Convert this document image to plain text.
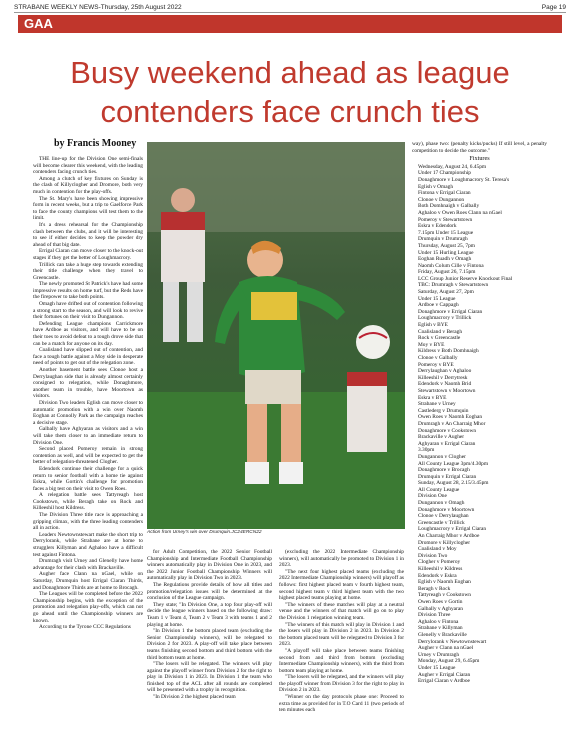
STRABANE WEEKLY NEWS-Thursday, 25th August 2022	Page 19
GAA
Busy weekend ahead as league contenders face crunch ties
by Francis Mooney

THE line-up for the Division One semi-finals will become clearer this weekend, with the leading contenders facing crunch ties.

Among a clutch of key fixtures on Sunday is the clash of Killyclogher and Dromore, both very much in contention for the play-offs.

The St. Mary's have been showing impressive form in recent weeks, but a trip to Gaelforce Park to face the county champions will test them to the limit.

It's a dress rehearsal for the Championship clash between the clubs, and it will be interesting to see if either decides to keep the powder dry ahead of that big date.

Errigal Ciaran can move closer to the knock-out stages if they get the better of Loughmacrory.

Trillick can take a huge step towards extending their title challenge when they travel to Greencastle.

The newly promoted St Patrick's have had some impressive results on home turf, but the Reds have the firepower to take both points.

Omagh have drifted out of contention following a strong start to the season, and will look to revive their fortunes on their visit to Dungannon.

Defending League champions Carrickmore have Ardboe as visitors, and will have to be on their toes to avoid defeat to a tough drove side that can be a match for anyone on its day.

Coalisland have slipped out of contention, and face a tough battle against a Moy side in desperate need of points to get out of the relegation zone.

Another basement battle sees Clonoe host a Derrylaughan side that is already almost certainly consigned to relegation, while Donaghmore, another team in trouble, have Moortown as visitors.

Division Two leaders Eglish can move closer to automatic promotion with a win over Naomh Eoghan at Connolly Park as the campaign reaches a decisive stage.

Galbally have Aghyaran as visitors and a win will take them closer to an immediate return to Division One.

Second placed Pomeroy remain in strong contention as well, and will be expected to get the better of relegation-threatened Clogher.

Edendork continue their challenge for a quick return to senior football with a home tie against Eskra, while Gortin's challenge for promotion faces a big test on their visit to Owen Roes.

A relegation battle sees Tattyreagh host Cookstown, while Beragh take on Rock and Killeeshil host Kildress.

The Division Three title race is approaching a gripping climax, with the three leading contenders all in action.

Leaders Newtownstewart make the short trip to Derrylorank, while Strabane are at home to strugglers Killyman and Aghaloo have a difficult test against Fintona.

Drumragh visit Urney and Glenelly have home advantage for their clash with Brackaville.

Augher face Clann na nGael, while on Saturday, Drumquin host Errigal Ciaran Thirds, and Donaghmore Thirds are at home to Brocagh.

The Leagues will be completed before the 2022 Championship begins, with the exception of the promotion and relegation play-offs, which can not go ahead until the Championship winners are known.

According to the Tyrone CCC Regulations

Action from Urney’s win over Drumquin.JC24ERCN22

for Adult Competition, the 2022 Senior Football Championship and Intermediate Football Championship winners automatically play in Division One in 2023, and the 2022 Junior Football Championship Winners will automatically play in Division Two in 2023.

The Regulations provide details of how all titles and promotion/relegation issues will be determined at the conclusion of the League campaign.

They state; "In Division One, a top four play-off will decide the league winners based on the following draw: Team 1 v Team 4, Team 2 v Team 3 with teams 1 and 2 playing at home.

"In Division 1 the bottom placed team (excluding the Senior Championship winners), will be relegated to Division 2 for 2023. A play-off will take place between teams finishing second bottom and third bottom with the third bottom team at home.

"The losers will be relegated. The winners will play against the playoff winner from Division 2 for the right to play in Division 1 in 2023. In Division 1 the team who finished top of the ACL after all rounds are completed will be presented with a trophy in recognition.

"In Division 2 the highest placed team

(excluding the 2022 Intermediate Championship winners), will automatically be promoted to Division 1 in 2023.

"The next four highest placed teams (excluding the 2022 Intermediate Championship winners) will playoff as follows: first highest placed team v fourth highest team, second highest team v third highest team with the two highest placed teams playing at home.

"The winners of these matches will play at a neutral venue and the winners of that match will go on to play the Division 1 relegation winning team.

"The winners of this match will play in Division 1 and the losers will play in Division 2 in 2023. In Division 2 the bottom placed team will be relegated to Division 3 for 2023.

"A playoff will take place between teams finishing second from and third from bottom (excluding Intermediate Championship winners), with the third from bottom team playing at home.

"The losers will be relegated, and the winners will play the playoff winner from Division 3 for the right to play in Division 2 in 2023.

"Winner on the day protocols phase one: Proceed to extra time as provided for in T.O Card 11 (two periods of ten minutes each

way), phase two: (penalty kicks/pucks) If still level, a penalty competition to decide the outcome."

Fixtures

Wednesday, August 24, 6.45pm

Under 17 Championship

Donaghmore v Loughmacrory St. Teresa's

Eglish v Omagh

Fintona v Errigal Ciaran

Clonoe v Dungannon

Both Domhnaigh v Galbally

Aghaloo v Owen Roes Clann na nGael

Pomeroy v Stewartstown

Eskra v Edendork

7.15pm Under 15 League

Drumquin v Drumragh

Thursday, August 25, 7pm

Under 15 Hurling League

Eoghan Ruadh v Omagh

Naomh Colum Cille v Fintona

Friday, August 26, 7.15pm

LCC Group Junior Reserve Knockout Final

TBC: Drumragh v Stewartstown

Saturday, August 27, 2pm

Under 15 League

Ardboe v Cappagh

Donaghmore v Errigal Ciaran

Loughmacrory v Trillick

Eglish v BYE

Coalisland v Beragh

Rock v Greencastle

Moy v BYE

Kildress v Both Domhnaigh

Clonoe v Galbally

Pomeroy v BYE

Derrylaughan v Aghaloo

Killeeshil v Derrytresk

Edendork v Naomh Brid

Stewartstown v Moortown

Eskra v BYE

Strabane v Urney

Castlederg v Drumquin

Owen Roes v Naomh Eoghan

Drumragh v An Charraig Mhor

Donaghmore v Cookstown

Brackaville v Augher

Aghyaran v Errigal Ciaran

3.30pm

Dungannon v Clogher

All County League 3pm/4.30pm

Donaghmore v Brocagh

Drumquin v Errigal Ciaran

Sunday, August 28, 2.15/3.45pm

All County League

Division One

Dungannon v Omagh

Donaghmore v Moortown

Clonoe v Derrylaughan

Greencastle v Trillick

Loughmacrory v Errigal Ciaran

An Charraig Mhor v Ardboe

Dromore v Killyclogher

Coalisland v Moy

Division Two

Clogher v Pomeroy

Killeeshil v Kildress

Edendork v Eskra

Eglish v Naomh Eoghan

Beragh v Rock

Tattyreagh v Cookstown

Owen Roes v Gortin

Galbally v Aghyaran

Division Three

Aghaloo v Fintona

Strabane v Killyman

Glenelly v Brackaville

Derrylorank v Newtownstewart

Augher v Clann na nGael

Urney v Drumragh

Monday, August 29, 6.45pm

Under 15 League

Augher v Errigal Ciaran

Errigal Ciaran v Ardboe
